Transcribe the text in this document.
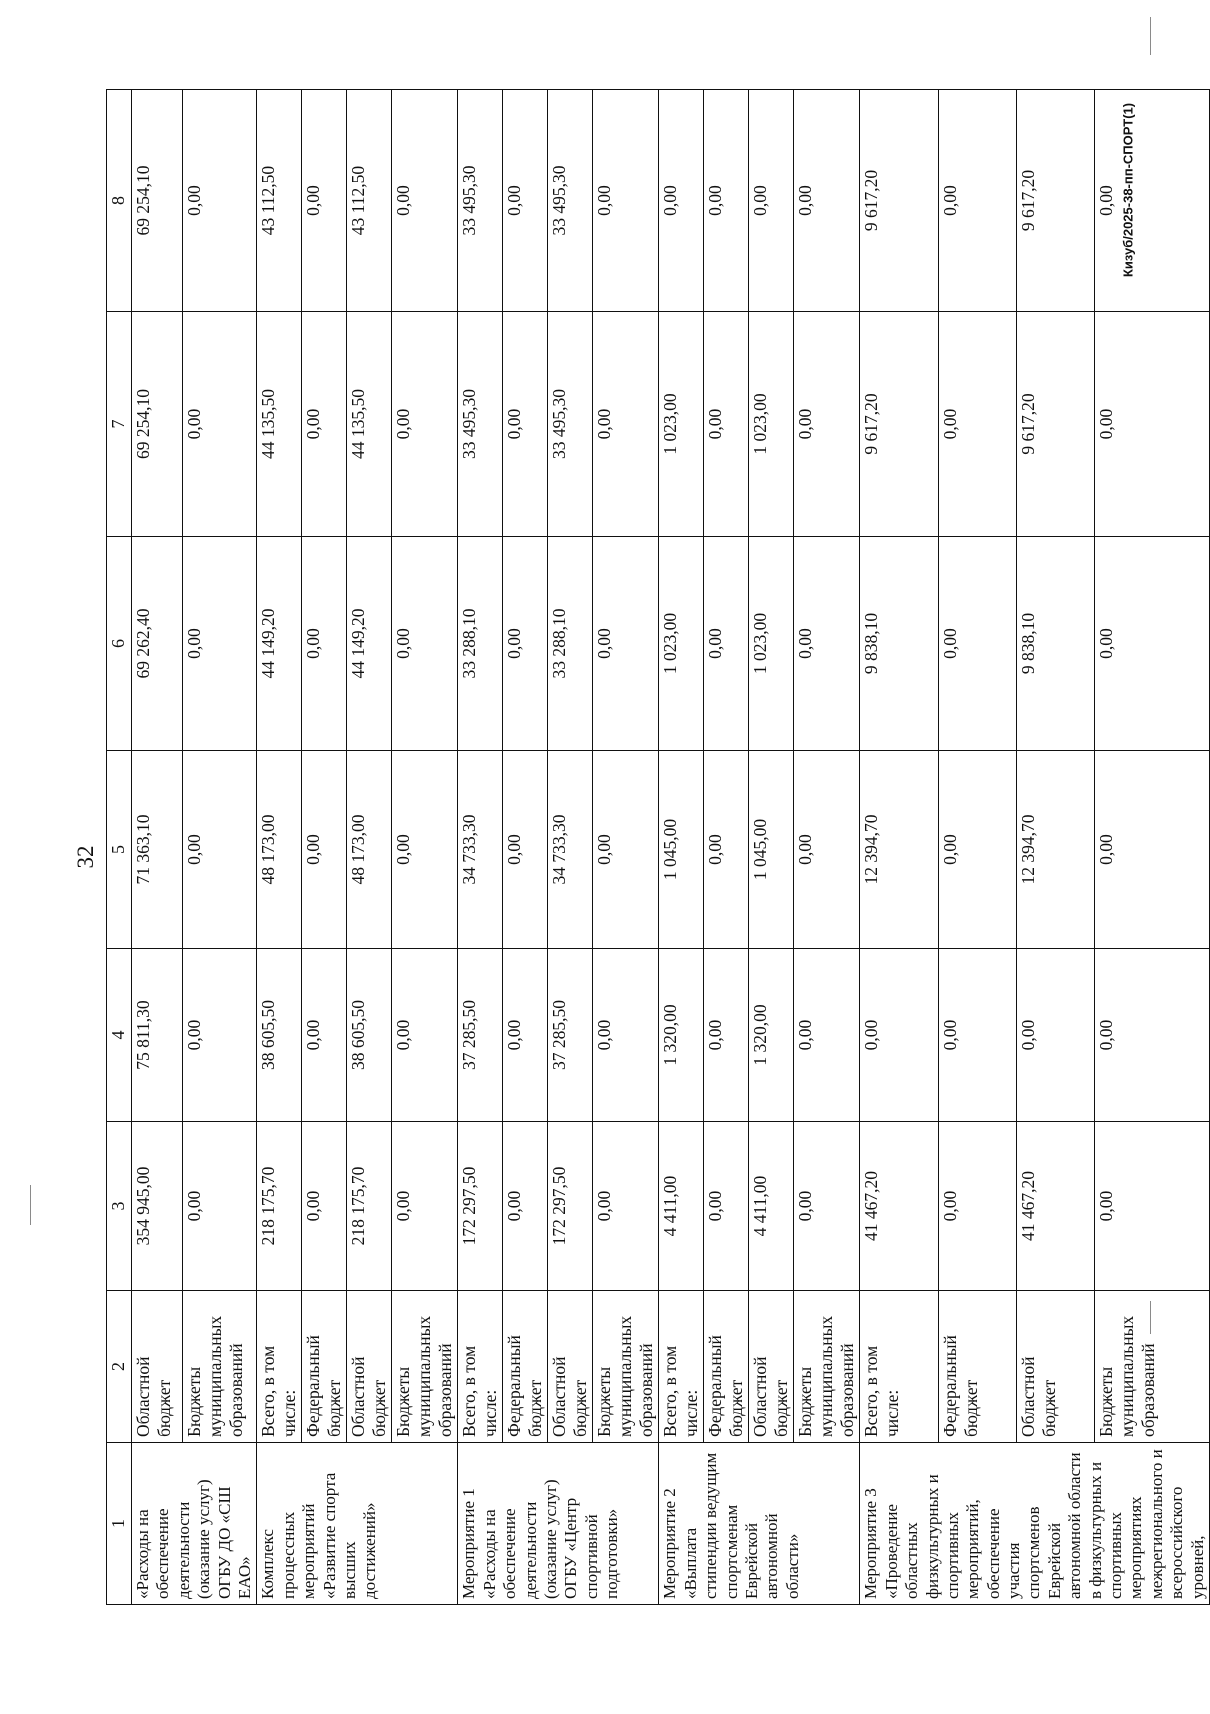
32
Кизуб/2025-38-пп-СПОРТ(1)
1	2	3	4	5	6	7	8
«Расходы на обеспечение деятельности (оказание услуг) ОГБУ ДО «СШ ЕАО»	Областной бюджет	354 945,00	75 811,30	71 363,10	69 262,40	69 254,10	69 254,10
	Бюджеты муниципальных образований	0,00	0,00	0,00	0,00	0,00	0,00
Комплекс процессных мероприятий «Развитие спорта высших достижений»	Всего, в том числе:	218 175,70	38 605,50	48 173,00	44 149,20	44 135,50	43 112,50
	Федеральный бюджет	0,00	0,00	0,00	0,00	0,00	0,00
	Областной бюджет	218 175,70	38 605,50	48 173,00	44 149,20	44 135,50	43 112,50
	Бюджеты муниципальных образований	0,00	0,00	0,00	0,00	0,00	0,00
Мероприятие 1 «Расходы на обеспечение деятельности (оказание услуг) ОГБУ «Центр спортивной подготовки»	Всего, в том числе:	172 297,50	37 285,50	34 733,30	33 288,10	33 495,30	33 495,30
	Федеральный бюджет	0,00	0,00	0,00	0,00	0,00	0,00
	Областной бюджет	172 297,50	37 285,50	34 733,30	33 288,10	33 495,30	33 495,30
	Бюджеты муниципальных образований	0,00	0,00	0,00	0,00	0,00	0,00
Мероприятие 2 «Выплата стипендии ведущим спортсменам Еврейской автономной области»	Всего, в том числе:	4 411,00	1 320,00	1 045,00	1 023,00	1 023,00	0,00
	Федеральный бюджет	0,00	0,00	0,00	0,00	0,00	0,00
	Областной бюджет	4 411,00	1 320,00	1 045,00	1 023,00	1 023,00	0,00
	Бюджеты муниципальных образований	0,00	0,00	0,00	0,00	0,00	0,00
Мероприятие 3 «Проведение областных физкультурных и спортивных мероприятий, обеспечение участия спортсменов Еврейской автономной области в физкультурных и спортивных мероприятиях межрегионального и всероссийского уровней,	Всего, в том числе:	41 467,20	0,00	12 394,70	9 838,10	9 617,20	9 617,20
	Федеральный бюджет	0,00	0,00	0,00	0,00	0,00	0,00
	Областной бюджет	41 467,20	0,00	12 394,70	9 838,10	9 617,20	9 617,20
	Бюджеты муниципальных образований	0,00	0,00	0,00	0,00	0,00	0,00
